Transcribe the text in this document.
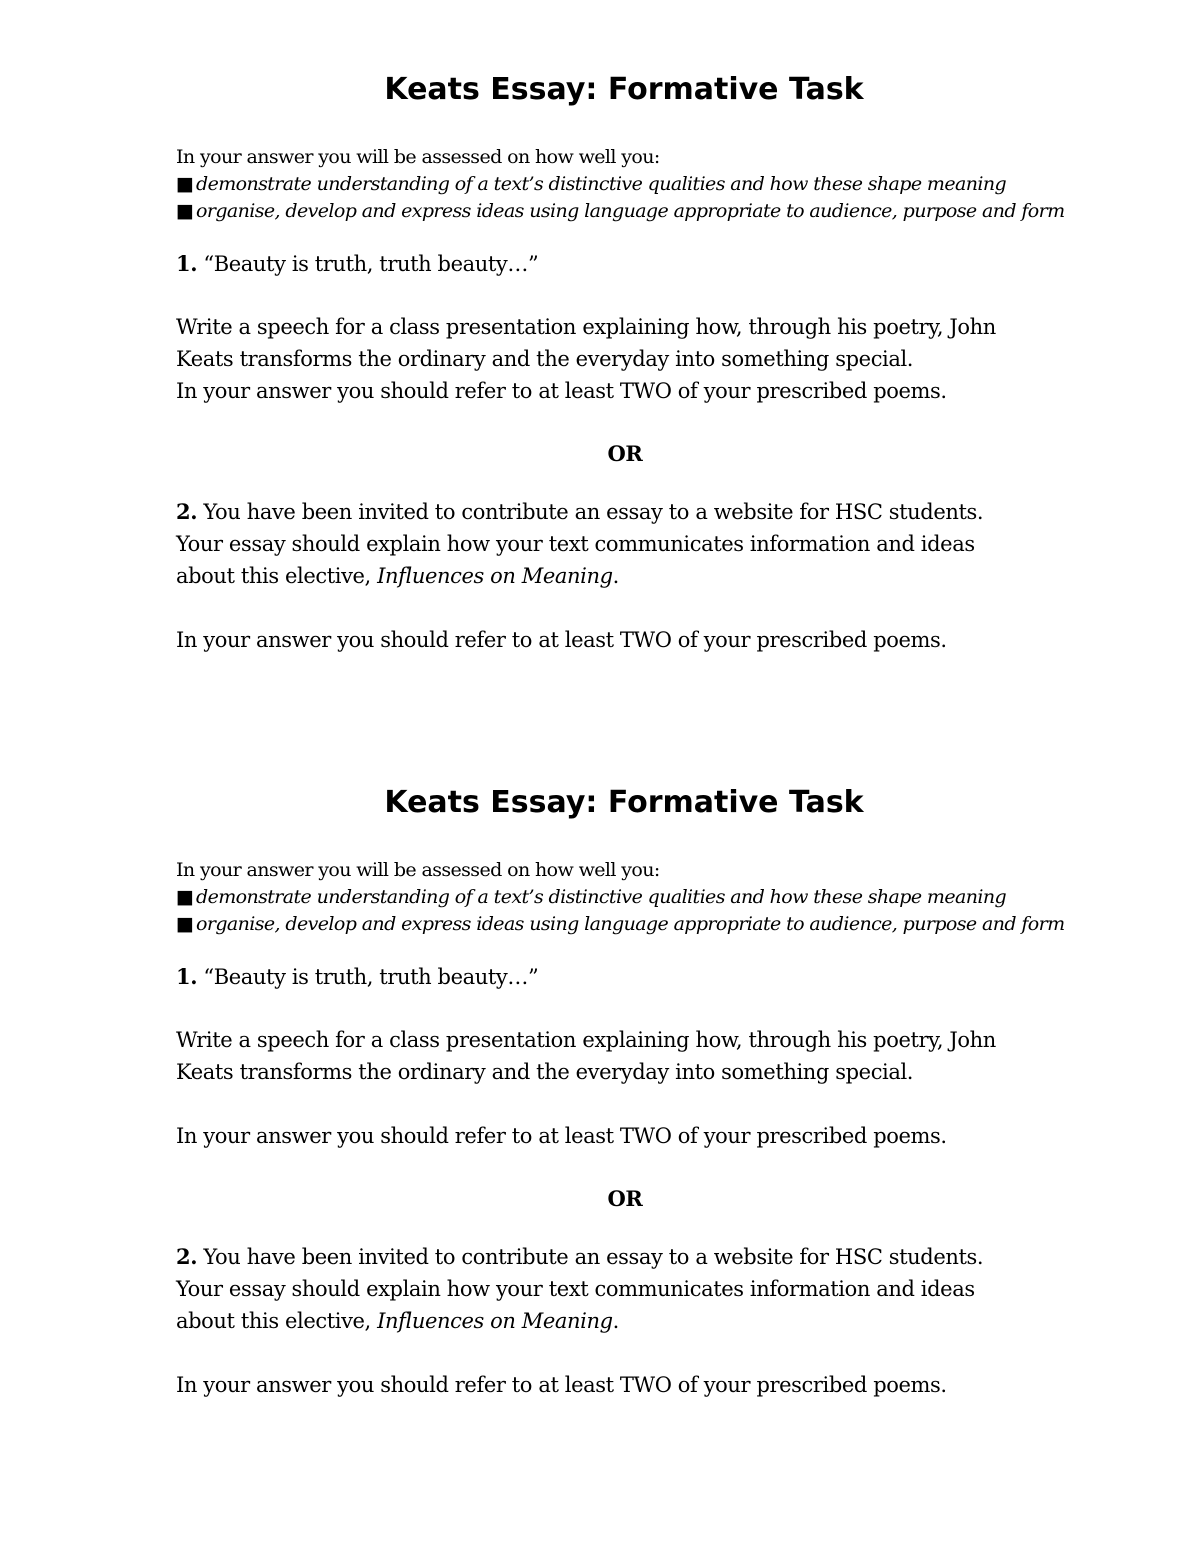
Keats Essay: Formative Task
In your answer you will be assessed on how well you:
■ demonstrate understanding of a text’s distinctive qualities and how these shape meaning
■ organise, develop and express ideas using language appropriate to audience, purpose and form
1. “Beauty is truth, truth beauty…”
Write a speech for a class presentation explaining how, through his poetry, John
Keats transforms the ordinary and the everyday into something special.
In your answer you should refer to at least TWO of your prescribed poems.
OR
2. You have been invited to contribute an essay to a website for HSC students.
Your essay should explain how your text communicates information and ideas
about this elective, Influences on Meaning.
In your answer you should refer to at least TWO of your prescribed poems.
Keats Essay: Formative Task
In your answer you will be assessed on how well you:
■ demonstrate understanding of a text’s distinctive qualities and how these shape meaning
■ organise, develop and express ideas using language appropriate to audience, purpose and form
1. “Beauty is truth, truth beauty…”
Write a speech for a class presentation explaining how, through his poetry, John
Keats transforms the ordinary and the everyday into something special.
In your answer you should refer to at least TWO of your prescribed poems.
OR
2. You have been invited to contribute an essay to a website for HSC students.
Your essay should explain how your text communicates information and ideas
about this elective, Influences on Meaning.
In your answer you should refer to at least TWO of your prescribed poems.
